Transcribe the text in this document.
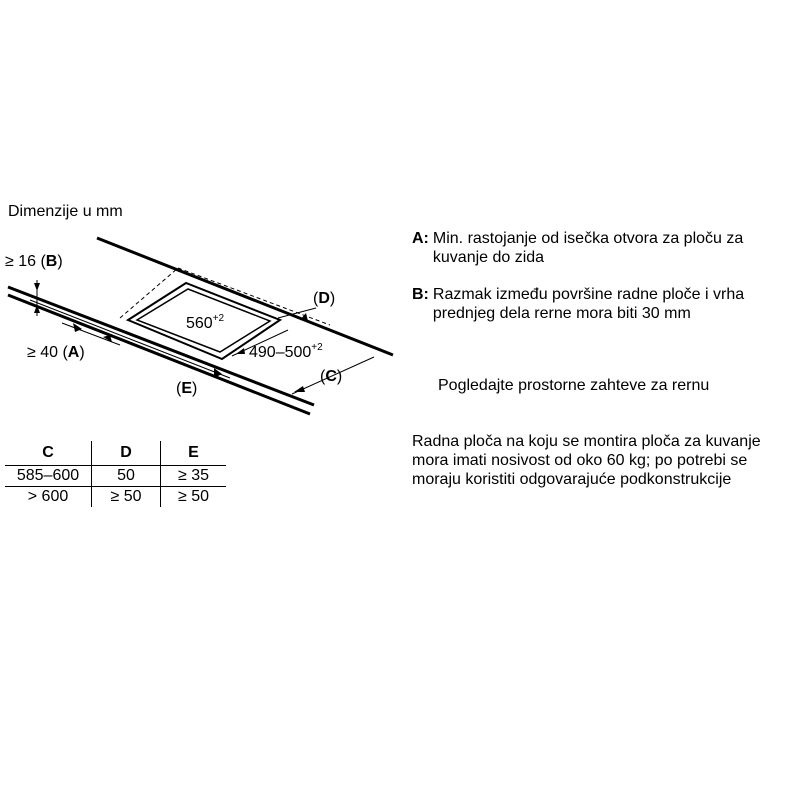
Dimenzije u mm
≥ 16 (B)
≥ 40 (A)
(E)
(D)
(C)
$560^{+2}$
$490-500^{+2}$
C	D	E
585–600	50	≥ 35
> 600	≥ 50	≥ 50
A: Min. rastojanje od isečka otvora za ploču za kuvanje do zida
B: Razmak između površine radne ploče i vrha prednjeg dela rerne mora biti 30 mm
Pogledajte prostorne zahteve za rernu
Radna ploča na koju se montira ploča za kuvanje mora imati nosivost od oko 60 kg; po potrebi se moraju koristiti odgovarajuće podkonstrukcije
